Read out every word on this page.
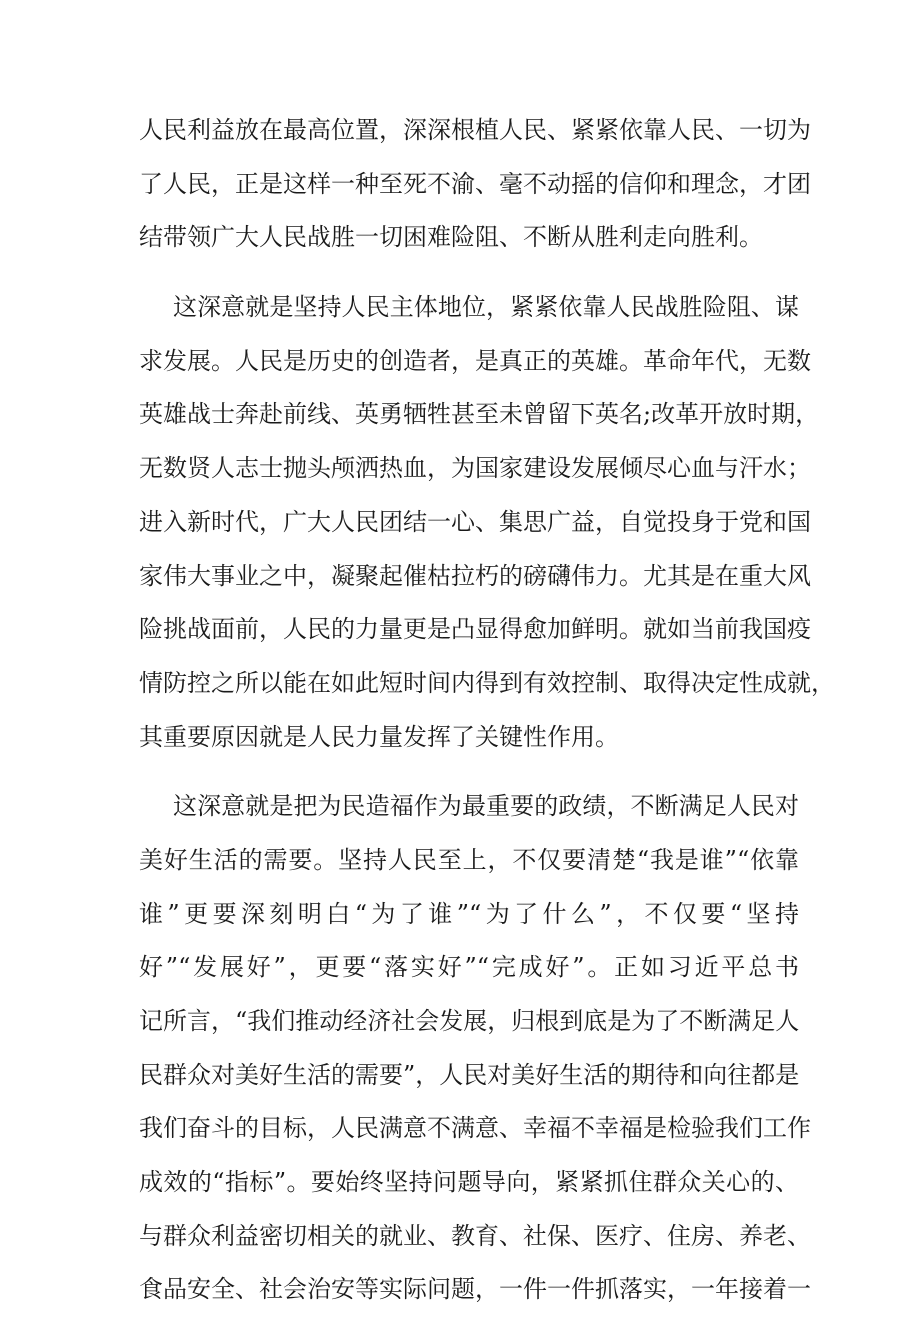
人民利益放在最高位置，深深根植人民、紧紧依靠人民、一切为
了人民，正是这样一种至死不渝、毫不动摇的信仰和理念，才团
结带领广大人民战胜一切困难险阻、不断从胜利走向胜利。
这深意就是坚持人民主体地位，紧紧依靠人民战胜险阻、谋
求发展。人民是历史的创造者，是真正的英雄。革命年代，无数
英雄战士奔赴前线、英勇牺牲甚至未曾留下英名;改革开放时期，
无数贤人志士抛头颅洒热血，为国家建设发展倾尽心血与汗水；
进入新时代，广大人民团结一心、集思广益，自觉投身于党和国
家伟大事业之中，凝聚起催枯拉朽的磅礴伟力。尤其是在重大风
险挑战面前，人民的力量更是凸显得愈加鲜明。就如当前我国疫
情防控之所以能在如此短时间内得到有效控制、取得决定性成就，
其重要原因就是人民力量发挥了关键性作用。
这深意就是把为民造福作为最重要的政绩，不断满足人民对
美好生活的需要。坚持人民至上，不仅要清楚“我是谁”“依靠
谁”更要深刻明白“为了谁”“为了什么”，不仅要“坚持
好”“发展好”，更要“落实好”“完成好”。正如习近平总书
记所言，“我们推动经济社会发展，归根到底是为了不断满足人
民群众对美好生活的需要”，人民对美好生活的期待和向往都是
我们奋斗的目标，人民满意不满意、幸福不幸福是检验我们工作
成效的“指标”。要始终坚持问题导向，紧紧抓住群众关心的、
与群众利益密切相关的就业、教育、社保、医疗、住房、养老、
食品安全、社会治安等实际问题，一件一件抓落实，一年接着一
